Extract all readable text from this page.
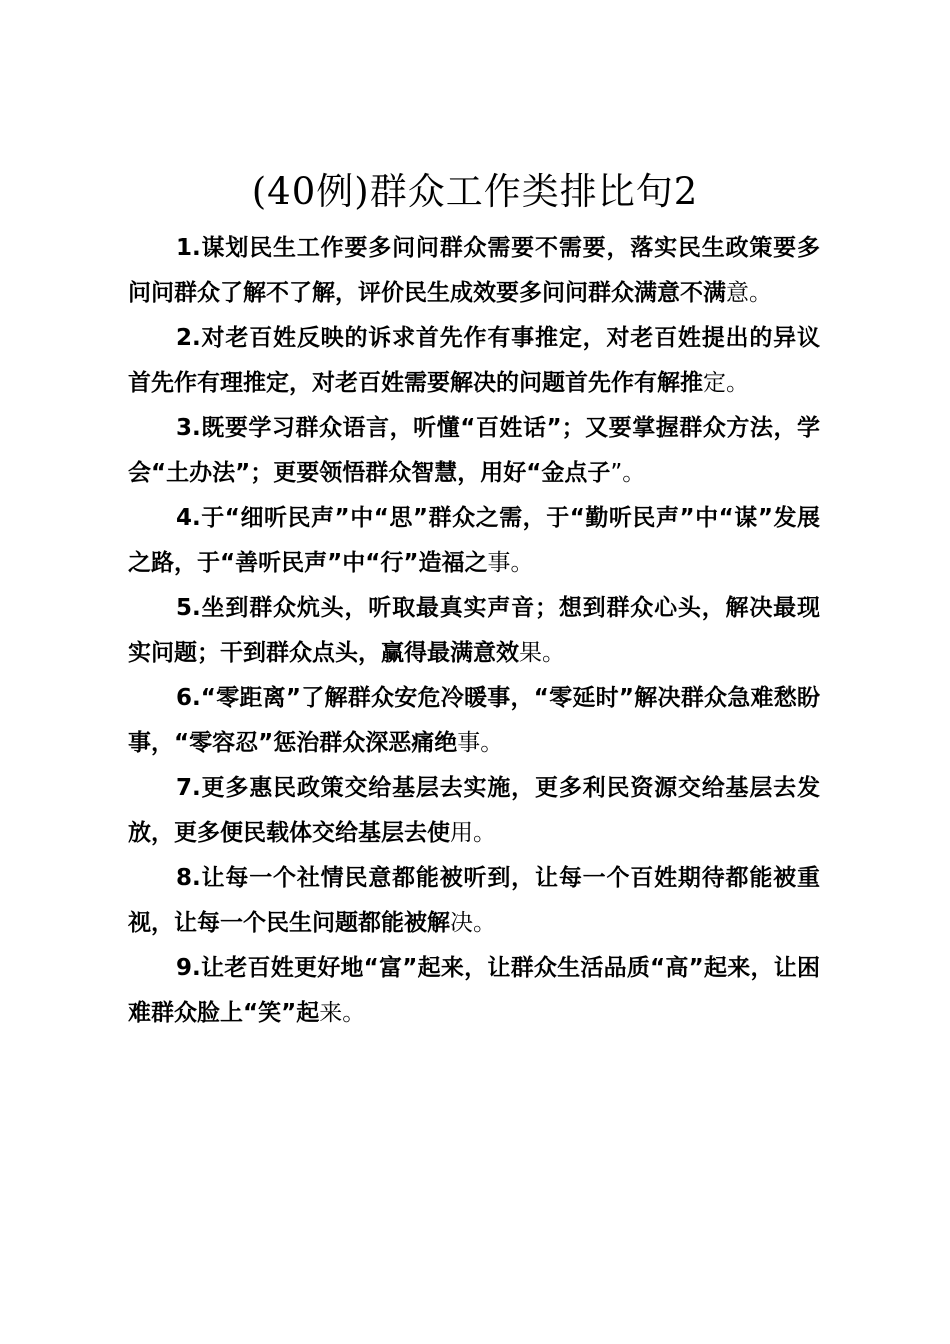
(40例)群众工作类排比句2

1.谋划民生工作要多问问群众需要不需要，落实民生政策要多问问群众了解不了解，评价民生成效要多问问群众满意不满意。

2.对老百姓反映的诉求首先作有事推定，对老百姓提出的异议首先作有理推定，对老百姓需要解决的问题首先作有解推定。

3.既要学习群众语言，听懂“百姓话”；又要掌握群众方法，学会“土办法”；更要领悟群众智慧，用好“金点子”。

4.于“细听民声”中“思”群众之需，于“勤听民声”中“谋”发展之路，于“善听民声”中“行”造福之事。

5.坐到群众炕头，听取最真实声音；想到群众心头，解决最现实问题；干到群众点头，赢得最满意效果。

6.“零距离”了解群众安危冷暖事，“零延时”解决群众急难愁盼事，“零容忍”惩治群众深恶痛绝事。

7.更多惠民政策交给基层去实施，更多利民资源交给基层去发放，更多便民载体交给基层去使用。

8.让每一个社情民意都能被听到，让每一个百姓期待都能被重视，让每一个民生问题都能被解决。

9.让老百姓更好地“富”起来，让群众生活品质“高”起来，让困难群众脸上“笑”起来。
